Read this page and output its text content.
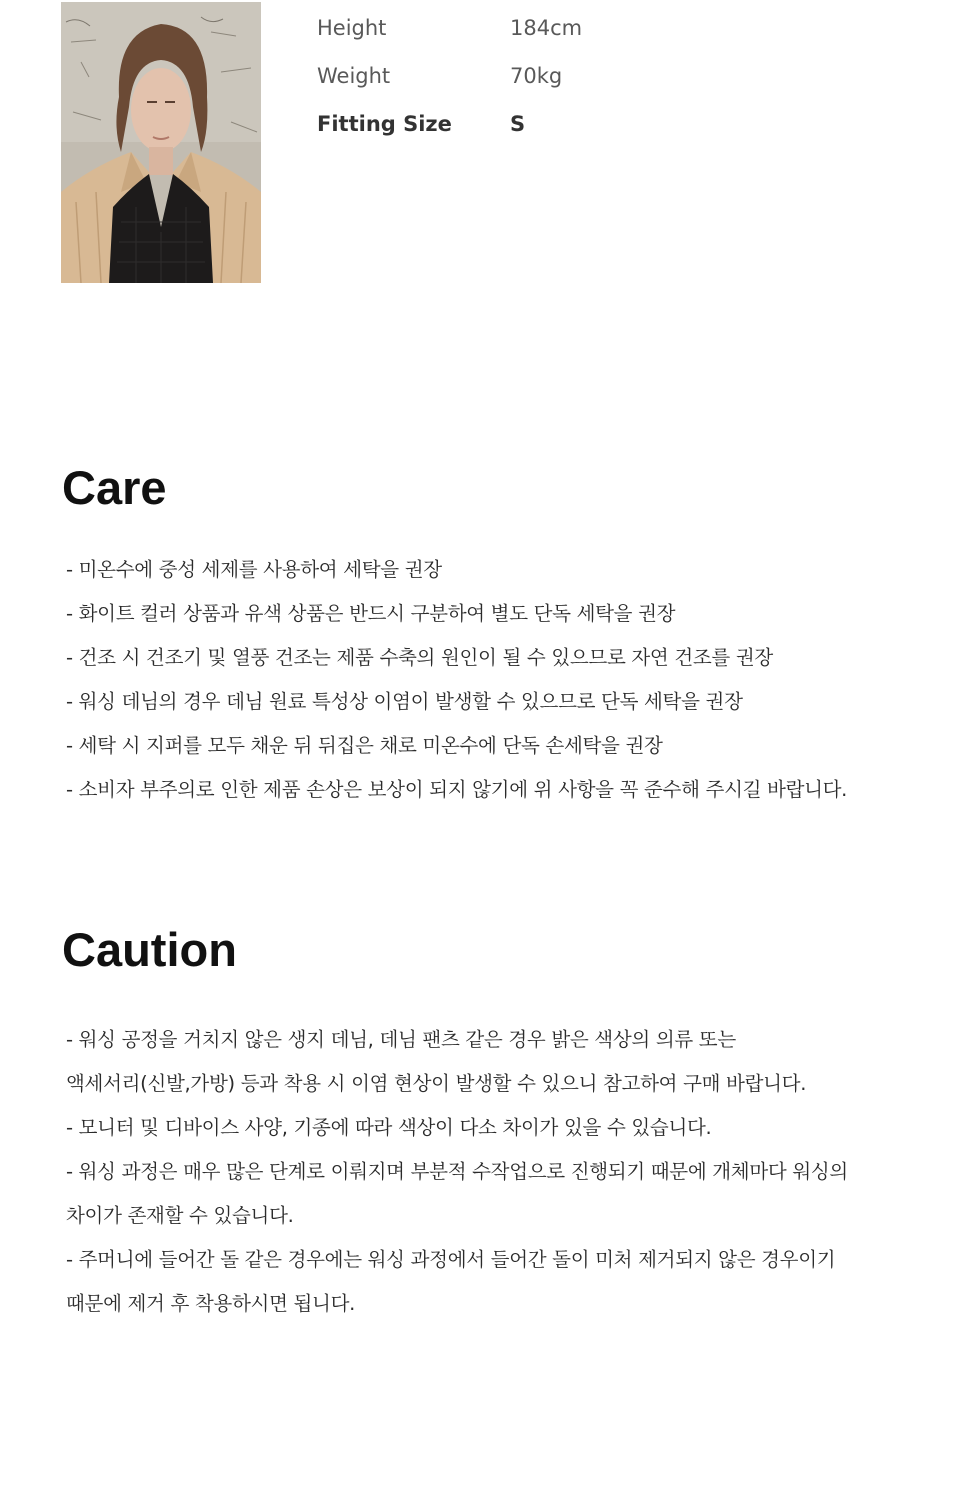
Height	184cm
Weight	70kg
Fitting Size	S
Care
- 미온수에 중성 세제를 사용하여 세탁을 권장
- 화이트 컬러 상품과 유색 상품은 반드시 구분하여 별도 단독 세탁을 권장
- 건조 시 건조기 및 열풍 건조는 제품 수축의 원인이 될 수 있으므로 자연 건조를 권장
- 워싱 데님의 경우 데님 원료 특성상 이염이 발생할 수 있으므로 단독 세탁을 권장
- 세탁 시 지퍼를 모두 채운 뒤 뒤집은 채로 미온수에 단독 손세탁을 권장
- 소비자 부주의로 인한 제품 손상은 보상이 되지 않기에 위 사항을 꼭 준수해 주시길 바랍니다.
Caution
- 워싱 공정을 거치지 않은 생지 데님, 데님 팬츠 같은 경우 밝은 색상의 의류 또는
액세서리(신발,가방) 등과 착용 시 이염 현상이 발생할 수 있으니 참고하여 구매 바랍니다.
- 모니터 및 디바이스 사양, 기종에 따라 색상이 다소 차이가 있을 수 있습니다.
- 워싱 과정은 매우 많은 단계로 이뤄지며 부분적 수작업으로 진행되기 때문에 개체마다 워싱의
차이가 존재할 수 있습니다.
- 주머니에 들어간 돌 같은 경우에는 워싱 과정에서 들어간 돌이 미처 제거되지 않은 경우이기
때문에 제거 후 착용하시면 됩니다.
